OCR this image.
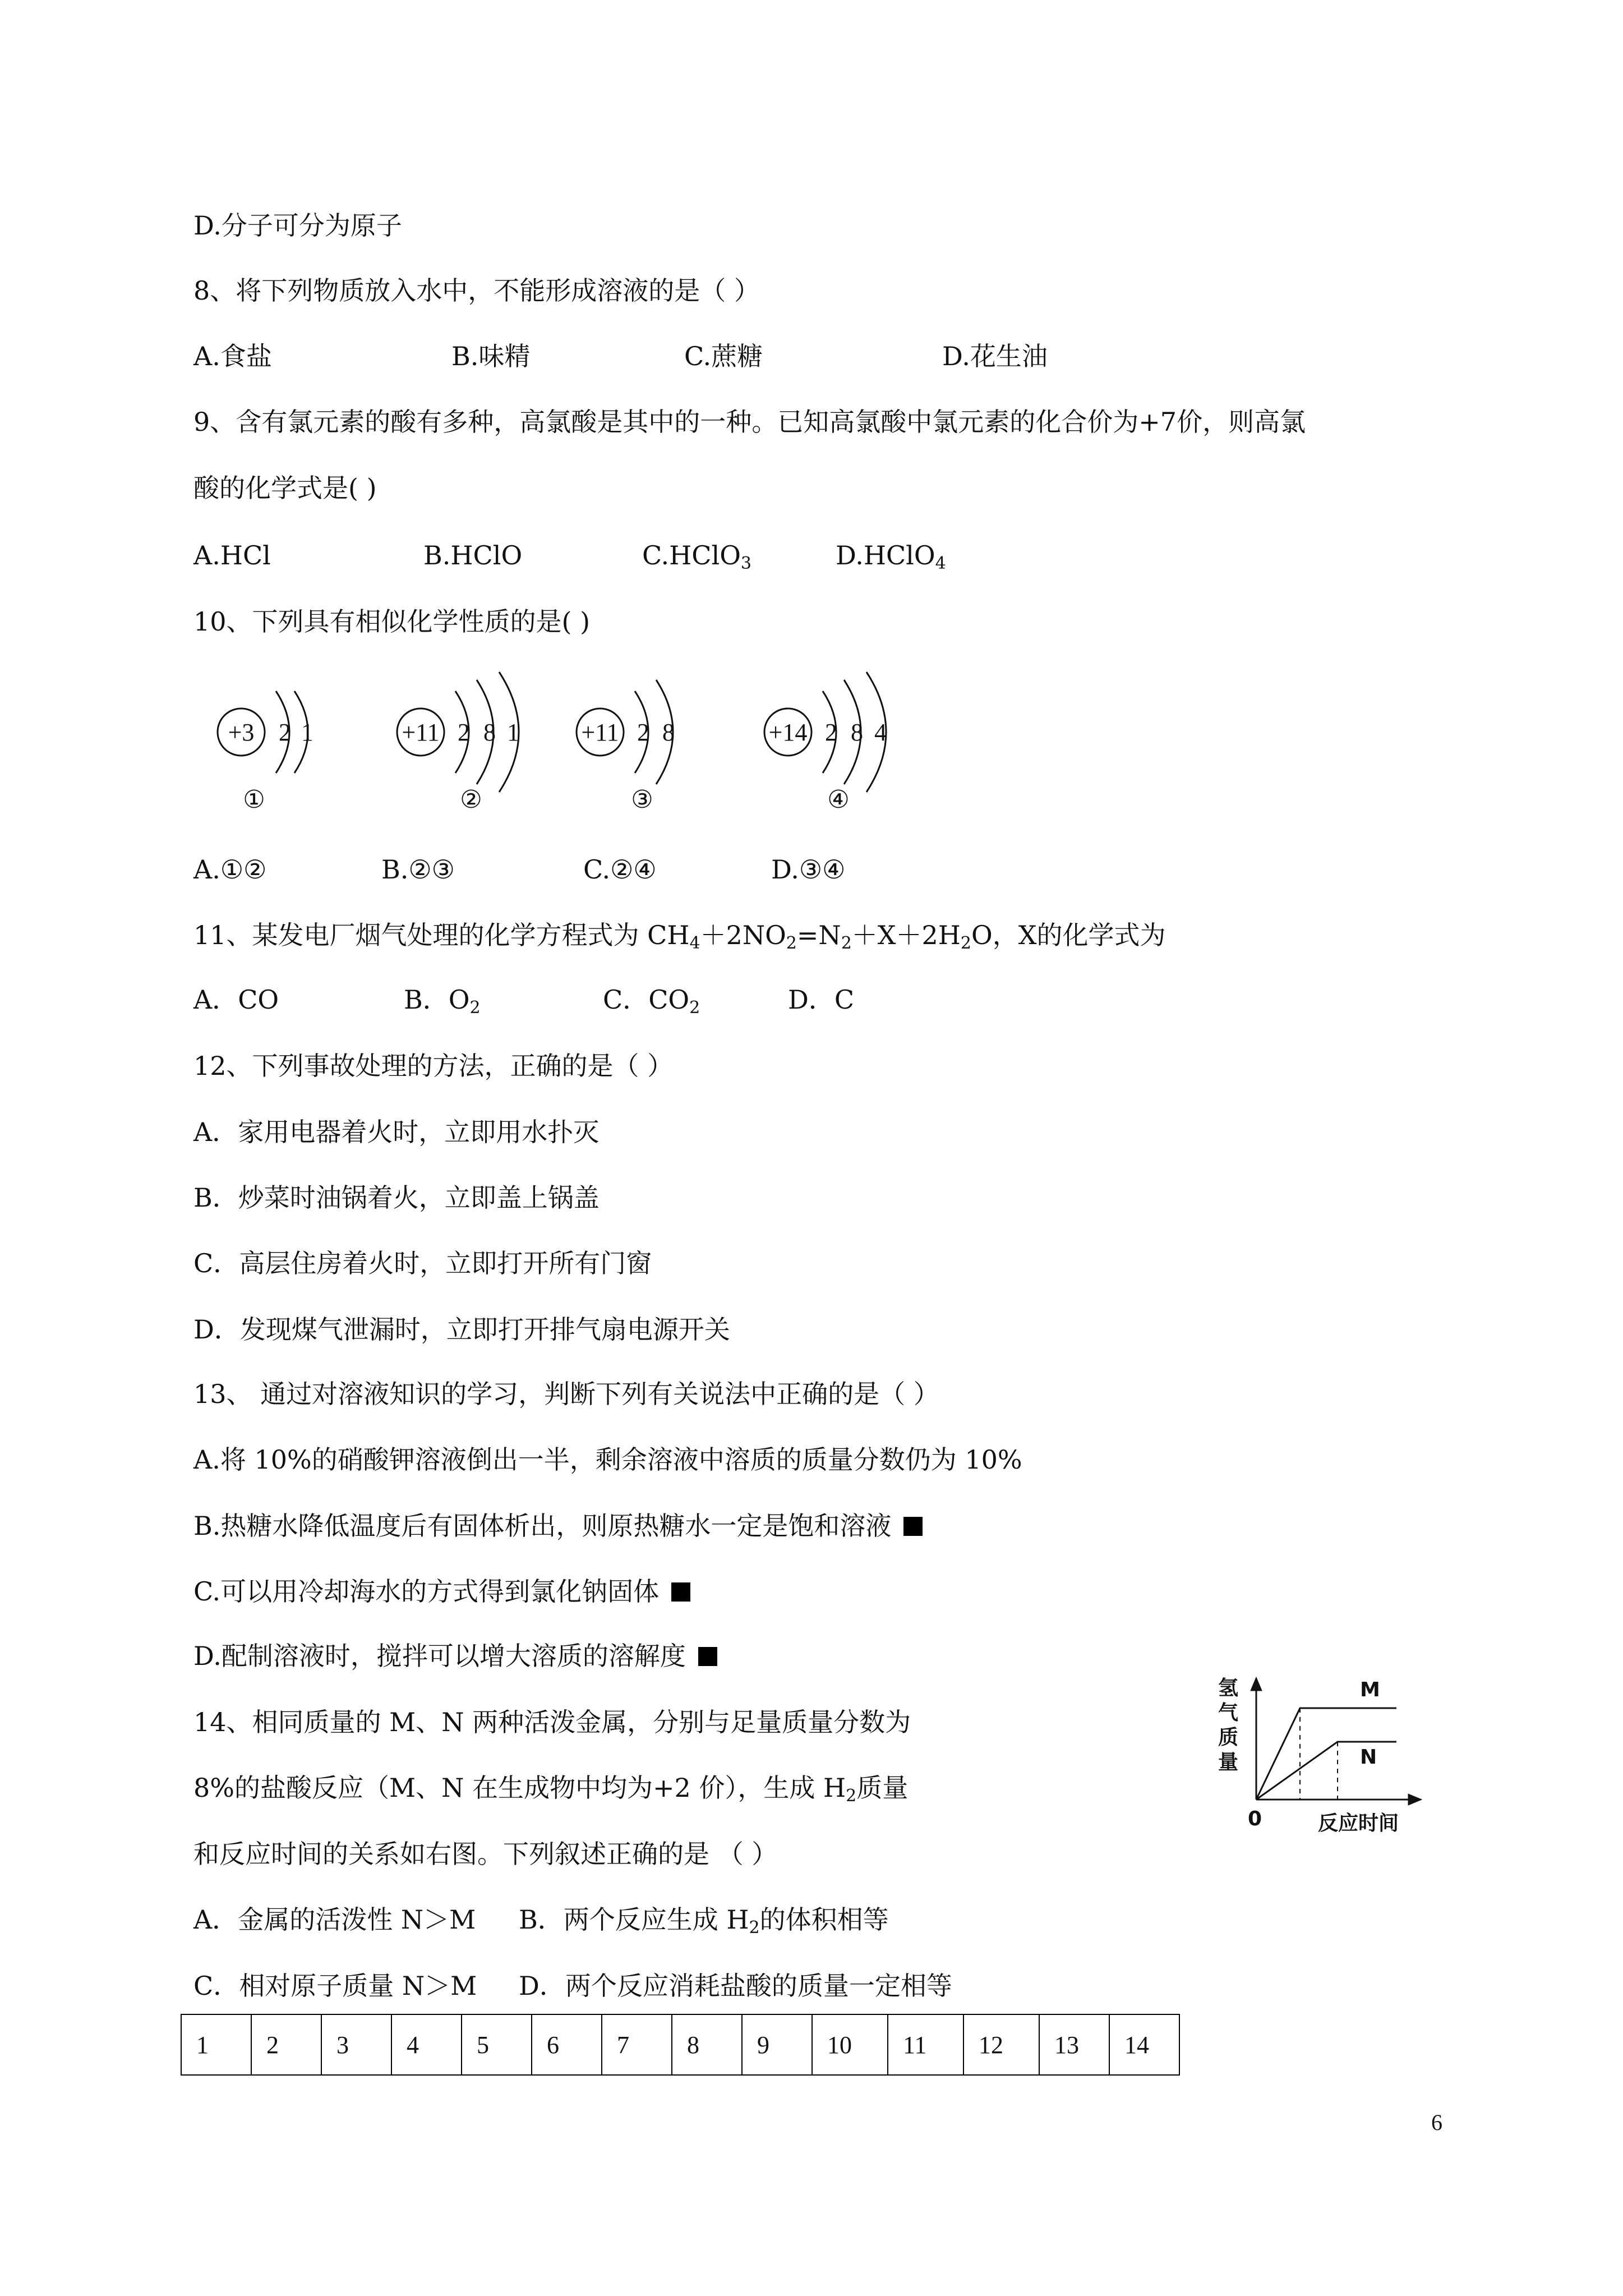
D.分子可分为原子
8、将下列物质放入水中，不能形成溶液的是（ ）
A.食盐	B.味精	C.蔗糖	D.花生油
9、含有氯元素的酸有多种，高氯酸是其中的一种。已知高氯酸中氯元素的化合价为+7价，则高氯
酸的化学式是( )
A.HCl	B.HClO	C.HClO$_3$	D.HClO$_4$
10、下列具有相似化学性质的是( )
+3 2 1
①
+11 2 8 1
②
+11 2 8
③
+14 2 8 4
④
氢气质量
M
N
0	反应时间
A.①②	B.②③	C.②④	D.③④
11、某发电厂烟气处理的化学方程式为 $CH_4+2NO_2=N_2+X+2H_2O$，X的化学式为
A．CO	B．$O_2$	C．$CO_2$	D．C
12、下列事故处理的方法，正确的是（ ）
A．家用电器着火时，立即用水扑灭
B．炒菜时油锅着火，立即盖上锅盖
C．高层住房着火时，立即打开所有门窗
D．发现煤气泄漏时，立即打开排气扇电源开关
13、 通过对溶液知识的学习，判断下列有关说法中正确的是（ ）
A.将 10%的硝酸钾溶液倒出一半，剩余溶液中溶质的质量分数仍为 10%
B.热糖水降低温度后有固体析出，则原热糖水一定是饱和溶液
C.可以用冷却海水的方式得到氯化钠固体
D.配制溶液时，搅拌可以增大溶质的溶解度
14、相同质量的 M、N 两种活泼金属，分别与足量质量分数为
8%的盐酸反应（M、N 在生成物中均为+2 价），生成 $H_2$质量
和反应时间的关系如右图。下列叙述正确的是 （ ）
A．金属的活泼性 N＞M B．两个反应生成 $H_2$的体积相等
C．相对原子质量 N＞M D．两个反应消耗盐酸的质量一定相等
1	2	3	4	5	6	7	8	9	10	11	12	13	14
6
